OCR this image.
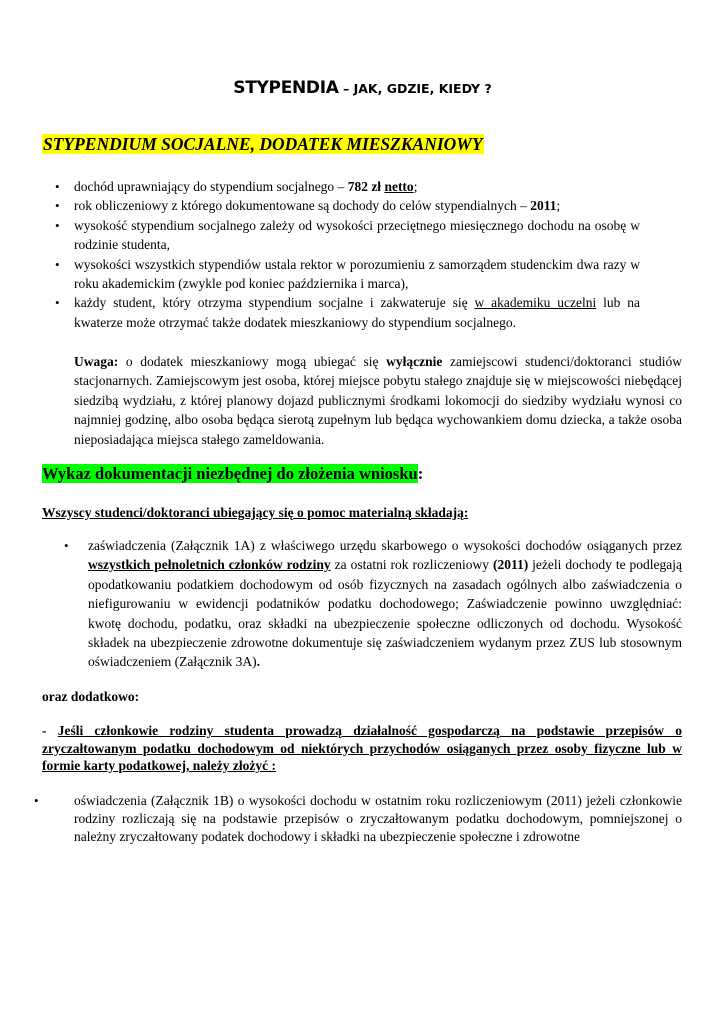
STYPENDIA – JAK, GDZIE, KIEDY ?
STYPENDIUM SOCJALNE, DODATEK MIESZKANIOWY
• dochód uprawniający do stypendium socjalnego – 782 zł netto;
• rok obliczeniowy z którego dokumentowane są dochody do celów stypendialnych – 2011;
• wysokość stypendium socjalnego zależy od wysokości przeciętnego miesięcznego dochodu na osobę w rodzinie studenta,
• wysokości wszystkich stypendiów ustala rektor w porozumieniu z samorządem studenckim dwa razy w roku akademickim (zwykle pod koniec października i marca),
• każdy student, który otrzyma stypendium socjalne i zakwateruje się w akademiku uczelni lub na kwaterze może otrzymać także dodatek mieszkaniowy do stypendium socjalnego.
Uwaga: o dodatek mieszkaniowy mogą ubiegać się wyłącznie zamiejscowi studenci/doktoranci studiów stacjonarnych. Zamiejscowym jest osoba, której miejsce pobytu stałego znajduje się w miejscowości niebędącej siedzibą wydziału, z której planowy dojazd publicznymi środkami lokomocji do siedziby wydziału wynosi co najmniej godzinę, albo osoba będąca sierotą zupełnym lub będąca wychowankiem domu dziecka, a także osoba nieposiadająca miejsca stałego zameldowania.
Wykaz dokumentacji niezbędnej do złożenia wniosku:
Wszyscy studenci/doktoranci ubiegający się o pomoc materialną składają:
• zaświadczenia (Załącznik 1A) z właściwego urzędu skarbowego o wysokości dochodów osiąganych przez wszystkich pełnoletnich członków rodziny za ostatni rok rozliczeniowy (2011) jeżeli dochody te podlegają opodatkowaniu podatkiem dochodowym od osób fizycznych na zasadach ogólnych albo zaświadczenia o niefigurowaniu w ewidencji podatników podatku dochodowego; Zaświadczenie powinno uwzględniać: kwotę dochodu, podatku, oraz składki na ubezpieczenie społeczne odliczonych od dochodu. Wysokość składek na ubezpieczenie zdrowotne dokumentuje się zaświadczeniem wydanym przez ZUS lub stosownym oświadczeniem (Załącznik 3A).
oraz dodatkowo:
- Jeśli członkowie rodziny studenta prowadzą działalność gospodarczą na podstawie przepisów o zryczałtowanym podatku dochodowym od niektórych przychodów osiąganych przez osoby fizyczne lub w formie karty podatkowej, należy złożyć :
•	oświadczenia (Załącznik 1B) o wysokości dochodu w ostatnim roku rozliczeniowym (2011) jeżeli członkowie rodziny rozliczają się na podstawie przepisów o zryczałtowanym podatku dochodowym, pomniejszonej o należny zryczałtowany podatek dochodowy i składki na ubezpieczenie społeczne i zdrowotne
